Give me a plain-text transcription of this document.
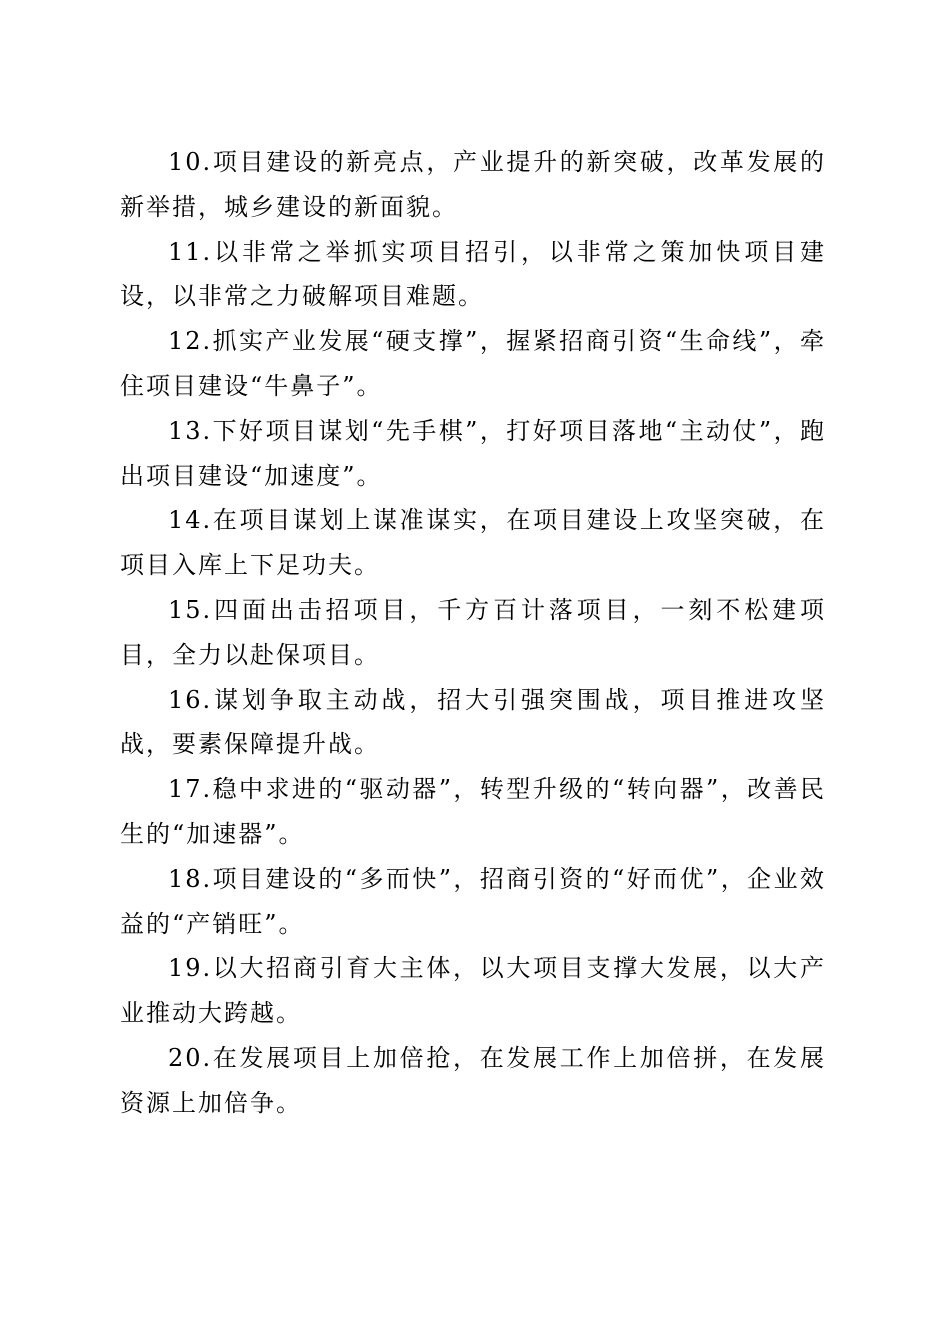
10.项目建设的新亮点，产业提升的新突破，改革发展的新举措，城乡建设的新面貌。

11.以非常之举抓实项目招引，以非常之策加快项目建设，以非常之力破解项目难题。

12.抓实产业发展“硬支撑”，握紧招商引资“生命线”，牵住项目建设“牛鼻子”。

13.下好项目谋划“先手棋”，打好项目落地“主动仗”，跑出项目建设“加速度”。

14.在项目谋划上谋准谋实，在项目建设上攻坚突破，在项目入库上下足功夫。

15.四面出击招项目，千方百计落项目，一刻不松建项目，全力以赴保项目。

16.谋划争取主动战，招大引强突围战，项目推进攻坚战，要素保障提升战。

17.稳中求进的“驱动器”，转型升级的“转向器”，改善民生的“加速器”。

18.项目建设的“多而快”，招商引资的“好而优”，企业效益的“产销旺”。

19.以大招商引育大主体，以大项目支撑大发展，以大产业推动大跨越。

20.在发展项目上加倍抢，在发展工作上加倍拼，在发展资源上加倍争。
